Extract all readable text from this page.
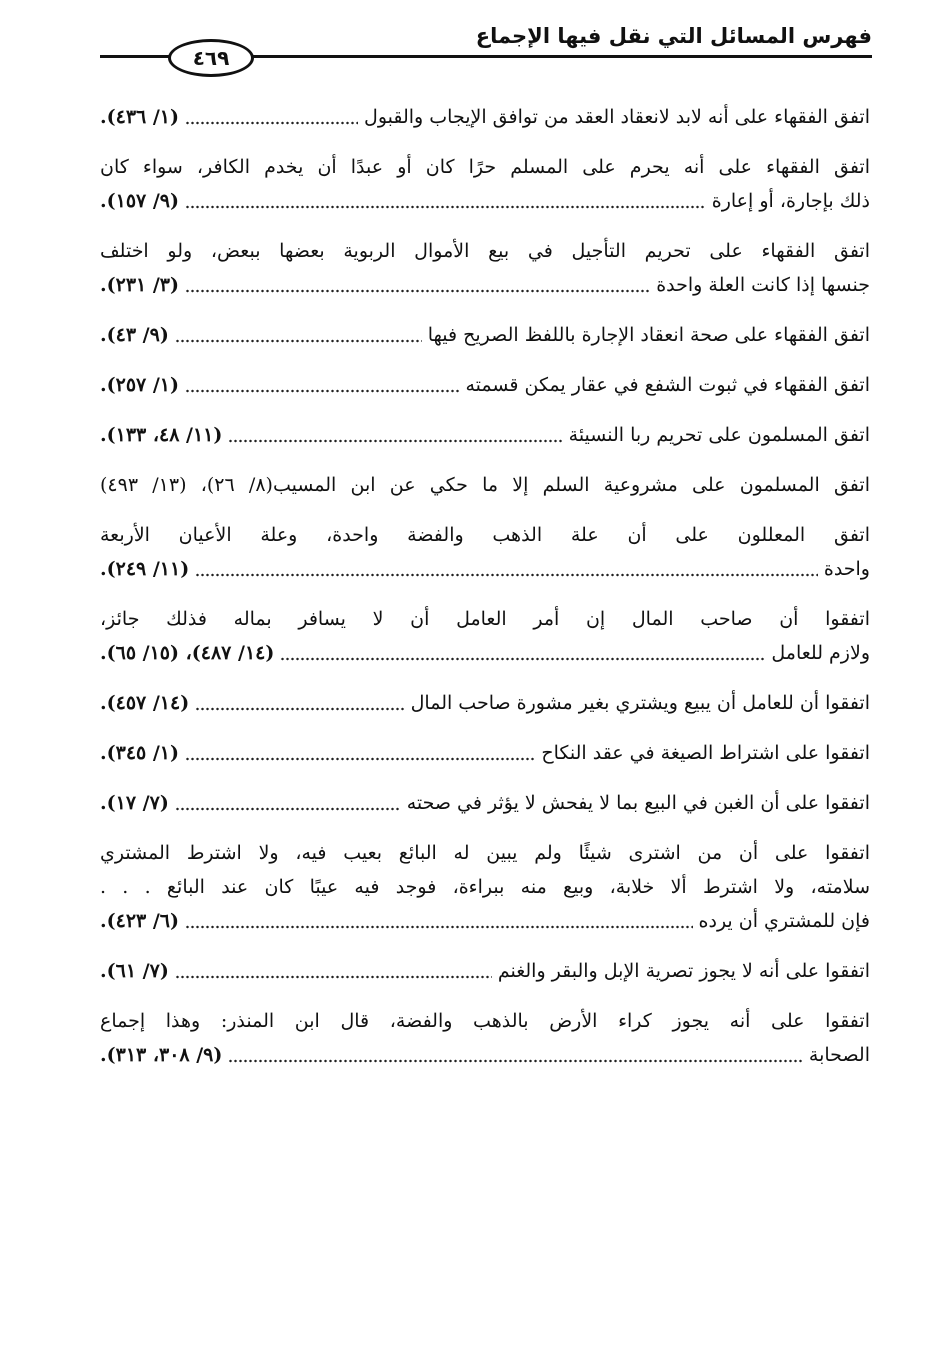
فهرس المسائل التي نقل فيها الإجماع
٤٦٩
اتفق الفقهاء على أنه لابد لانعقاد العقد من توافق الإيجاب والقبول
(١/ ٤٣٦).
اتفق الفقهاء على أنه يحرم على المسلم حرًا كان أو عبدًا أن يخدم الكافر، سواء كان
ذلك بإجارة، أو إعارة
(٩/ ١٥٧).
اتفق الفقهاء على تحريم التأجيل في بيع الأموال الربوية بعضها ببعض، ولو اختلف
جنسها إذا كانت العلة واحدة
(٣/ ٢٣١).
اتفق الفقهاء على صحة انعقاد الإجارة باللفظ الصريح فيها
(٩/ ٤٣).
اتفق الفقهاء في ثبوت الشفع في عقار يمكن قسمته
(١/ ٢٥٧).
اتفق المسلمون على تحريم ربا النسيئة
(١١/ ٤٨، ١٣٣).
اتفق المسلمون على مشروعية السلم إلا ما حكي عن ابن المسيب(٨/ ٢٦)، (١٣/ ٤٩٣)
اتفق المعللون على أن علة الذهب والفضة واحدة، وعلة الأعيان الأربعة
واحدة
(١١/ ٢٤٩).
اتفقوا أن صاحب المال إن أمر العامل أن لا يسافر بماله فذلك جائز،
ولازم للعامل
(١٤/ ٤٨٧)، (١٥/ ٦٥).
اتفقوا أن للعامل أن يبيع ويشتري بغير مشورة صاحب المال
(١٤/ ٤٥٧).
اتفقوا على اشتراط الصيغة في عقد النكاح
(١/ ٣٤٥).
اتفقوا على أن الغبن في البيع بما لا يفحش لا يؤثر في صحته
(٧/ ١٧).
اتفقوا على أن من اشترى شيئًا ولم يبين له البائع بعيب فيه، ولا اشترط المشتري
سلامته، ولا اشترط ألا خلابة، وبيع منه ببراءة، فوجد فيه عيبًا كان عند البائع . . .
فإن للمشتري أن يرده
(٦/ ٤٢٣).
اتفقوا على أنه لا يجوز تصرية الإبل والبقر والغنم
(٧/ ٦١).
اتفقوا على أنه يجوز كراء الأرض بالذهب والفضة، قال ابن المنذر: وهذا إجماع
الصحابة
(٩/ ٣٠٨، ٣١٣).
